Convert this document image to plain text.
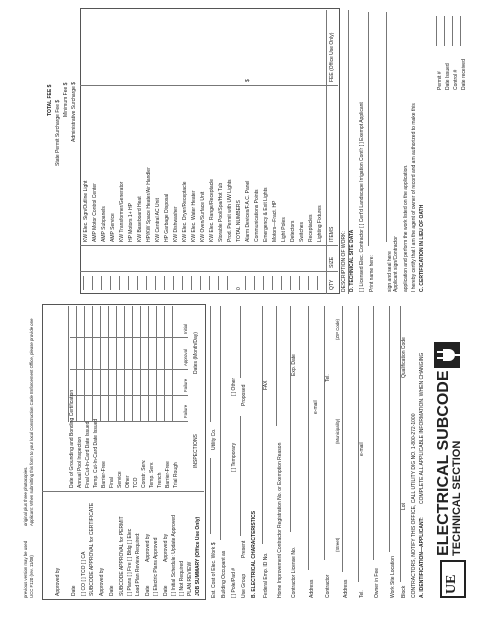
UE
ELECTRICAL SUBCODE TECHNICAL SECTION
A. IDENTIFICATION—APPLICANT:
COMPLETE ALL APPLICABLE INFORMATION. WHEN CHANGING
CONTRACTORS, NOTIFY THIS OFFICE, CALL UTILITY DIG NO. 1-800-272-1000
Block
Lot
Qualification Code
Work Site Location
Owner in Fee
Tel.
e-mail
Address
(Street)
(Municipality)
(ZIP Code)
Contractor
Tel.
e-mail
Address
Contractor License No.
Exp. Date
Home Improvement Contractor Registration No. or Exemption Reason
Federal Emp. ID No.
FAX
B. ELECTRICAL CHARACTERISTICS
Use Group
Present
Proposed
[ ] Pole/Pad #
[ ] Temporary
[ ] Other
Building Occupant as
Est. Cost of Elec. Work $
Utility Co.
JOB SUMMARY (Office Use Only)
PLAN REVIEW
[ ] Not Required
[ ] Initial Schedule: Update Approved
Date
Approved by
[ ] Electric Plans Approved
Date
Approved by
Load Plan Review Required:
[ ] Plans [ ] Fire [ ] Bldg [ ] Elec
SUBCODE APPROVAL for PERMIT
Date
Approved by
SUBCODE APPROVAL for CERTIFICATE
[ ] CO [ ] TCO [ ] CA
Date
Approved by
INSPECTIONS
Dates (Month/Day)
Failure
Failure
Approval
Initial
UCC F120 (rev. 11/08)
previous version may be used
Applicant: When submitting this form to your local Construction Code Enforcement Office, please provide one
original plus three photocopies.
Date received
Control #
Date Issued
Permit #
C. CERTIFICATION IN LIEU OF OATH
I hereby certify that I am the agent of owner of record and am authorized to make this
application and perform the work listed on the application.
Applicant sign/Contractor
sign and seal here
Print name here:
[ ] Licensed Elec. Contractor [ ] Cert'd Landscape Irrigation Cont'r [ ] Exempt Applicant
D. TECHNICAL SITE DATA
DESCRIPTION OF WORK:
QTY
SIZE
ITEMS
FEE (Office Use Only)
$
Administrative Surcharge $
Minimum Fee $
State Permit Surcharge Fee $
TOTAL FEE $
Trial Rough
Barrier-Free
Trench
Temp. Serv.
Constr. Serv.
TCO
Other
Service
Final
Barrier-Free
Temp. Cut-In-Card Date Issued
Final Cut-In-Card Date Issued
Annual Pool Inspection
Date of Grounding and Bonding Certification
Lighting Fixtures
Receptacles
Switches
Detectors
Light Poles
Motors—Fract. HP
Emergency & Exit Lights
Communications Points
Alarm Devices/F.A.C. Panel
0
TOTAL NUMBERS
Prod. Permit with UW Lights
Storable Pool/Spa/Hot Tub
KW Elec. Range/Receptacle
KW Oven/Surface Unit
KW Elec. Water Heater
KW Elec. Dryer/Receptacle
KW Dishwasher
HP Garbage Disposal
KW Central AC Unit
HP/KW Space Heater/Air Handler
KW Baseboard Heat
HP Motors 1+ HP
KW Transformer/Generator
AMP Service
AMP Subpanels
AMP Motor Control Center
KW Elec. Sign/Outline Light
